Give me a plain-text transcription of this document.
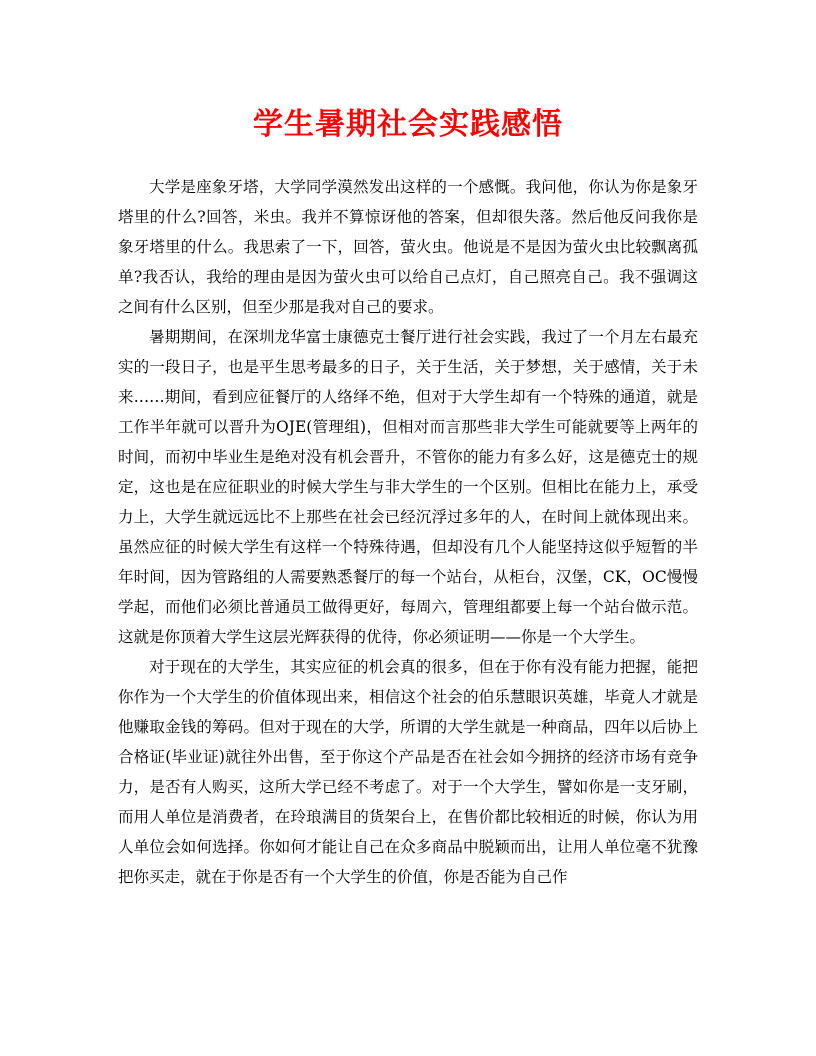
学生暑期社会实践感悟

大学是座象牙塔，大学同学漠然发出这样的一个感慨。我问他，你认为你是象牙塔里的什么?回答，米虫。我并不算惊讶他的答案，但却很失落。然后他反问我你是象牙塔里的什么。我思索了一下，回答，萤火虫。他说是不是因为萤火虫比较飘离孤单?我否认，我给的理由是因为萤火虫可以给自己点灯，自己照亮自己。我不强调这之间有什么区别，但至少那是我对自己的要求。

暑期期间，在深圳龙华富士康德克士餐厅进行社会实践，我过了一个月左右最充实的一段日子，也是平生思考最多的日子，关于生活，关于梦想，关于感情，关于未来……期间，看到应征餐厅的人络绎不绝，但对于大学生却有一个特殊的通道，就是工作半年就可以晋升为OJE(管理组)，但相对而言那些非大学生可能就要等上两年的时间，而初中毕业生是绝对没有机会晋升，不管你的能力有多么好，这是德克士的规定，这也是在应征职业的时候大学生与非大学生的一个区别。但相比在能力上，承受力上，大学生就远远比不上那些在社会已经沉浮过多年的人，在时间上就体现出来。虽然应征的时候大学生有这样一个特殊待遇，但却没有几个人能坚持这似乎短暂的半年时间，因为管路组的人需要熟悉餐厅的每一个站台，从柜台，汉堡，CK，OC慢慢学起，而他们必须比普通员工做得更好，每周六，管理组都要上每一个站台做示范。这就是你顶着大学生这层光辉获得的优待，你必须证明——你是一个大学生。

对于现在的大学生，其实应征的机会真的很多，但在于你有没有能力把握，能把你作为一个大学生的价值体现出来，相信这个社会的伯乐慧眼识英雄，毕竟人才就是他赚取金钱的筹码。但对于现在的大学，所谓的大学生就是一种商品，四年以后协上合格证(毕业证)就往外出售，至于你这个产品是否在社会如今拥挤的经济市场有竞争力，是否有人购买，这所大学已经不考虑了。对于一个大学生，譬如你是一支牙刷，而用人单位是消费者，在玲琅满目的货架台上，在售价都比较相近的时候，你认为用人单位会如何选择。你如何才能让自己在众多商品中脱颖而出，让用人单位毫不犹豫把你买走，就在于你是否有一个大学生的价值，你是否能为自己作
